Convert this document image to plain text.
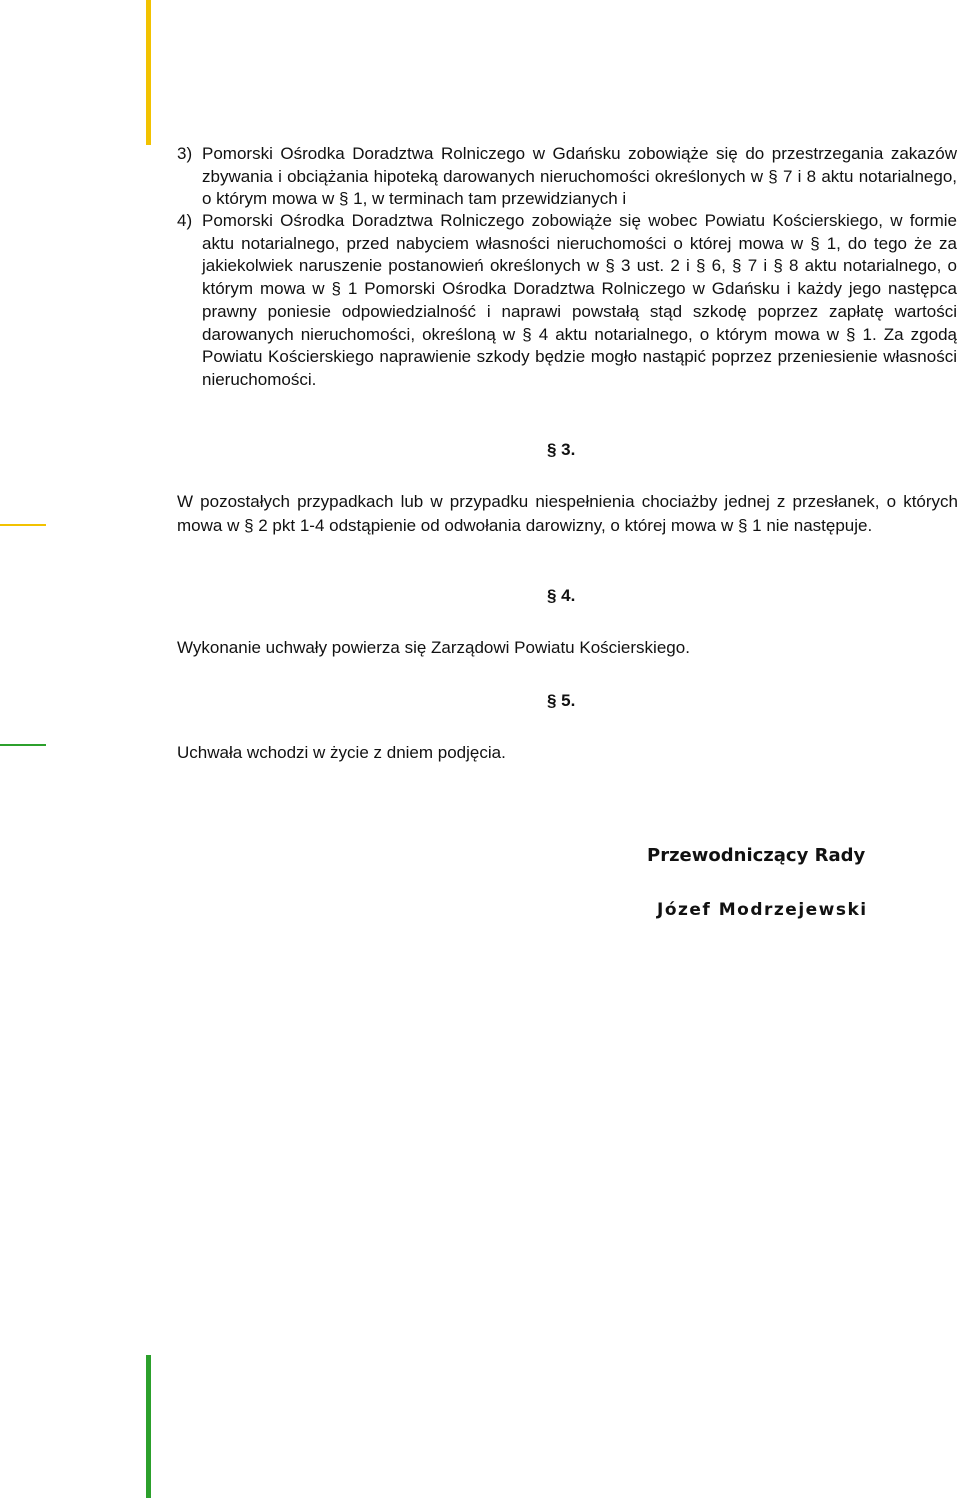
3) Pomorski Ośrodka Doradztwa Rolniczego w Gdańsku zobowiąże się do przestrzegania zakazów zbywania i obciążania hipoteką darowanych nieruchomości określonych w § 7 i 8 aktu notarialnego, o którym mowa w § 1, w terminach tam przewidzianych i
4) Pomorski Ośrodka Doradztwa Rolniczego zobowiąże się wobec Powiatu Kościerskiego, w formie aktu notarialnego, przed nabyciem własności nieruchomości o której mowa w § 1, do tego że za jakiekolwiek naruszenie postanowień określonych w § 3 ust. 2 i § 6, § 7 i § 8 aktu notarialnego, o którym mowa w § 1 Pomorski Ośrodka Doradztwa Rolniczego w Gdańsku i każdy jego następca prawny poniesie odpowiedzialność i naprawi powstałą stąd szkodę poprzez zapłatę wartości darowanych nieruchomości, określoną w § 4 aktu notarialnego, o którym mowa w § 1. Za zgodą Powiatu Kościerskiego naprawienie szkody będzie mogło nastąpić poprzez przeniesienie własności nieruchomości.
§ 3.
W pozostałych przypadkach lub w przypadku niespełnienia chociażby jednej z przesłanek, o których mowa w § 2 pkt 1-4 odstąpienie od odwołania darowizny, o której mowa w § 1 nie następuje.
§ 4.
Wykonanie uchwały powierza się Zarządowi Powiatu Kościerskiego.
§ 5.
Uchwała wchodzi w życie z dniem podjęcia.
Przewodniczący Rady
Józef Modrzejewski
